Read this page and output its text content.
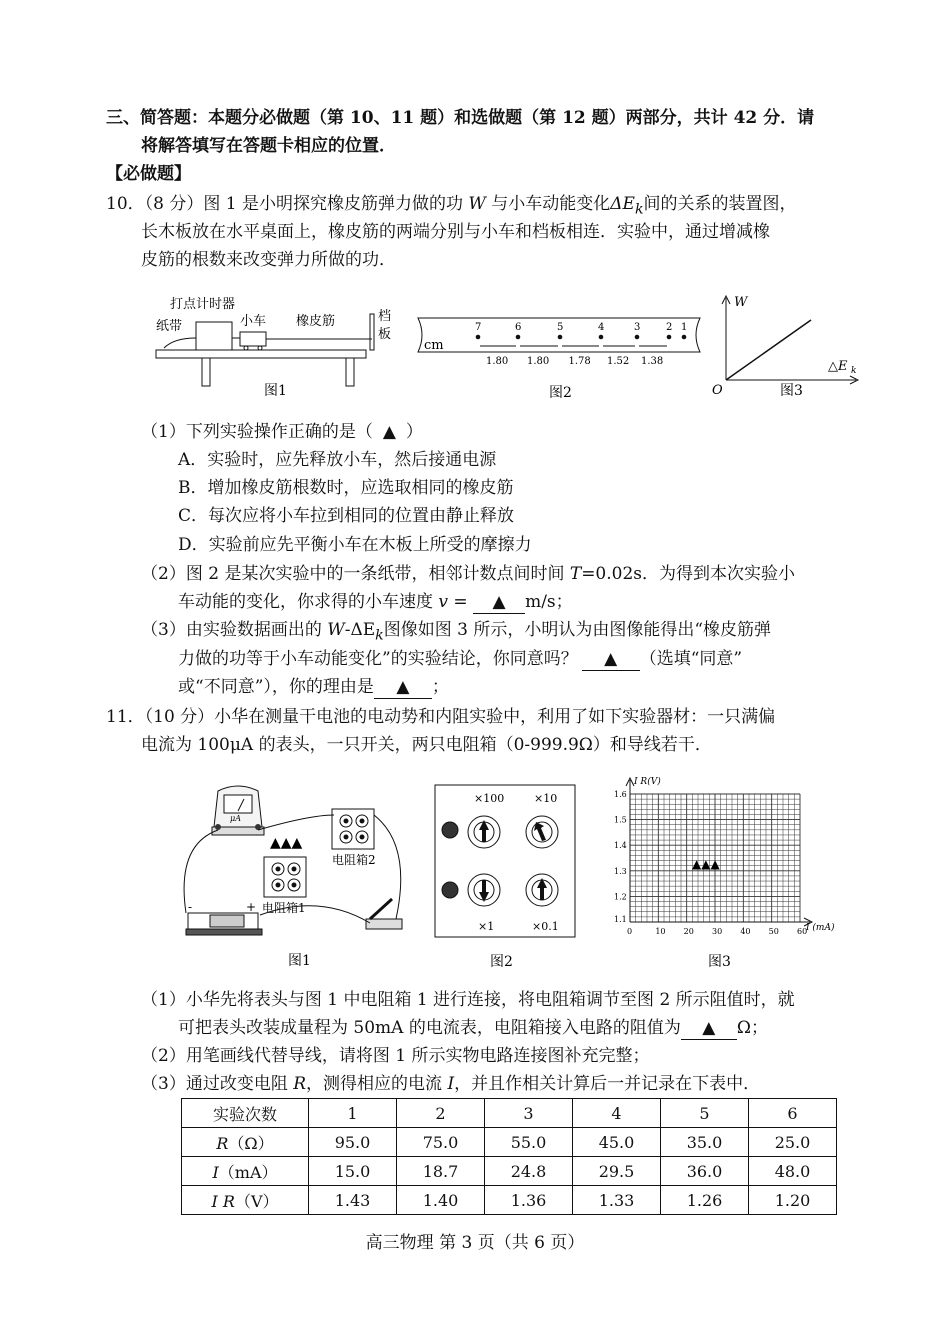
三、简答题：本题分必做题（第 10、11 题）和选做题（第 12 题）两部分，共计 42 分．请
将解答填写在答题卡相应的位置．
【必做题】
10．（8 分）图 1 是小明探究橡皮筋弹力做的功 W 与小车动能变化$\Delta E_k$间的关系的装置图，
长木板放在水平桌面上，橡皮筋的两端分别与小车和档板相连．实验中，通过增减橡
皮筋的根数来改变弹力所做的功．
打点计时器
纸带	小车 橡皮筋	档
板
图1
cm
7	6	5	4	3	2 1
1.80 1.80 1.78 1.52 1.38
图2
W
△E k
O	图3
（1）下列实验操作正确的是（ ▲ ）
A．实验时，应先释放小车，然后接通电源
B．增加橡皮筋根数时，应选取相同的橡皮筋
C．每次应将小车拉到相同的位置由静止释放
D．实验前应先平衡小车在木板上所受的摩擦力
（2）图 2 是某次实验中的一条纸带，相邻计数点间时间 T=0.02s．为得到本次实验小
车动能的变化，你求得的小车速度 v = ▲ m/s；
（3）由实验数据画出的 $W-\Delta E_k$图像如图 3 所示，小明认为由图像能得出“橡皮筋弹
力做的功等于小车动能变化”的实验结论，你同意吗？ ▲ （选填“同意”
或“不同意”），你的理由是 ▲ ；
11．（10 分）小华在测量干电池的电动势和内阻实验中，利用了如下实验器材：一只满偏
电流为 100μA 的表头，一只开关，两只电阻箱（0-999.9Ω）和导线若干．
μA
电阻箱2
▲▲▲
电阻箱1
-	+
图1
×100	×10
×1	×0.1
图2
I R(V)
I (mA)
1.6
1.5
1.4
1.3
1.2
1.1
0	10 20 30 40 50 60
▲▲▲
图3
（1）小华先将表头与图 1 中电阻箱 1 进行连接，将电阻箱调节至图 2 所示阻值时，就
可把表头改装成量程为 50mA 的电流表，电阻箱接入电路的阻值为 ▲ Ω；
（2）用笔画线代替导线，请将图 1 所示实物电路连接图补充完整；
（3）通过改变电阻 R，测得相应的电流 I，并且作相关计算后一并记录在下表中．
实验次数	1	2	3	4	5	6
R（Ω）	95.0	75.0	55.0	45.0	35.0	25.0
I（mA）	15.0	18.7	24.8	29.5	36.0	48.0
I R（V）	1.43	1.40	1.36	1.33	1.26	1.20
高三物理 第 3 页（共 6 页）
